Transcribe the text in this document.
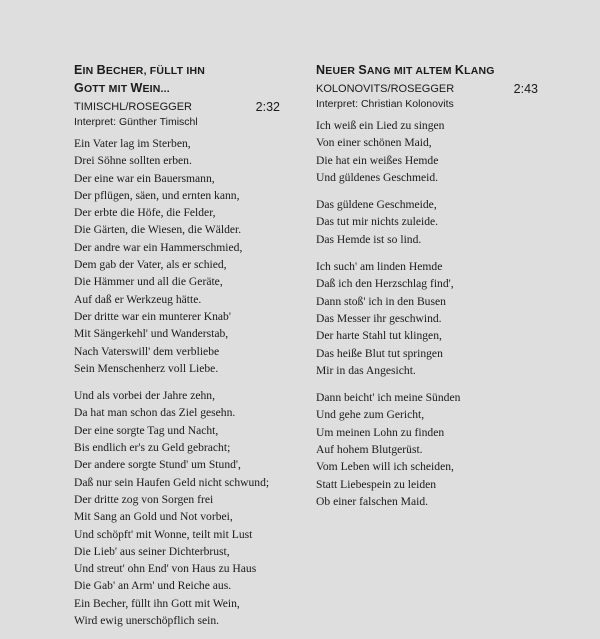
EIN BECHER, FÜLLT IHN
GOTT MIT WEIN...
TIMISCHL/ROSEGGER	2:32
Interpret: Günther Timischl
Ein Vater lag im Sterben,
Drei Söhne sollten erben.
Der eine war ein Bauersmann,
Der pflügen, säen, und ernten kann,
Der erbte die Höfe, die Felder,
Die Gärten, die Wiesen, die Wälder.
Der andre war ein Hammerschmied,
Dem gab der Vater, als er schied,
Die Hämmer und all die Geräte,
Auf daß er Werkzeug hätte.
Der dritte war ein munterer Knab'
Mit Sängerkehl' und Wanderstab,
Nach Vaterswill' dem verbliebe
Sein Menschenherz voll Liebe.
Und als vorbei der Jahre zehn,
Da hat man schon das Ziel gesehn.
Der eine sorgte Tag und Nacht,
Bis endlich er's zu Geld gebracht;
Der andere sorgte Stund' um Stund',
Daß nur sein Haufen Geld nicht schwund;
Der dritte zog von Sorgen frei
Mit Sang an Gold und Not vorbei,
Und schöpft' mit Wonne, teilt mit Lust
Die Lieb' aus seiner Dichterbrust,
Und streut' ohn End' von Haus zu Haus
Die Gab' an Arm' und Reiche aus.
Ein Becher, füllt ihn Gott mit Wein,
Wird ewig unerschöpflich sein.
NEUER SANG MIT ALTEM KLANG
KOLONOVITS/ROSEGGER	2:43
Interpret: Christian Kolonovits
Ich weiß ein Lied zu singen
Von einer schönen Maid,
Die hat ein weißes Hemde
Und güldenes Geschmeid.
Das güldene Geschmeide,
Das tut mir nichts zuleide.
Das Hemde ist so lind.
Ich such' am linden Hemde
Daß ich den Herzschlag find',
Dann stoß' ich in den Busen
Das Messer ihr geschwind.
Der harte Stahl tut klingen,
Das heiße Blut tut springen
Mir in das Angesicht.
Dann beicht' ich meine Sünden
Und gehe zum Gericht,
Um meinen Lohn zu finden
Auf hohem Blutgerüst.
Vom Leben will ich scheiden,
Statt Liebespein zu leiden
Ob einer falschen Maid.
